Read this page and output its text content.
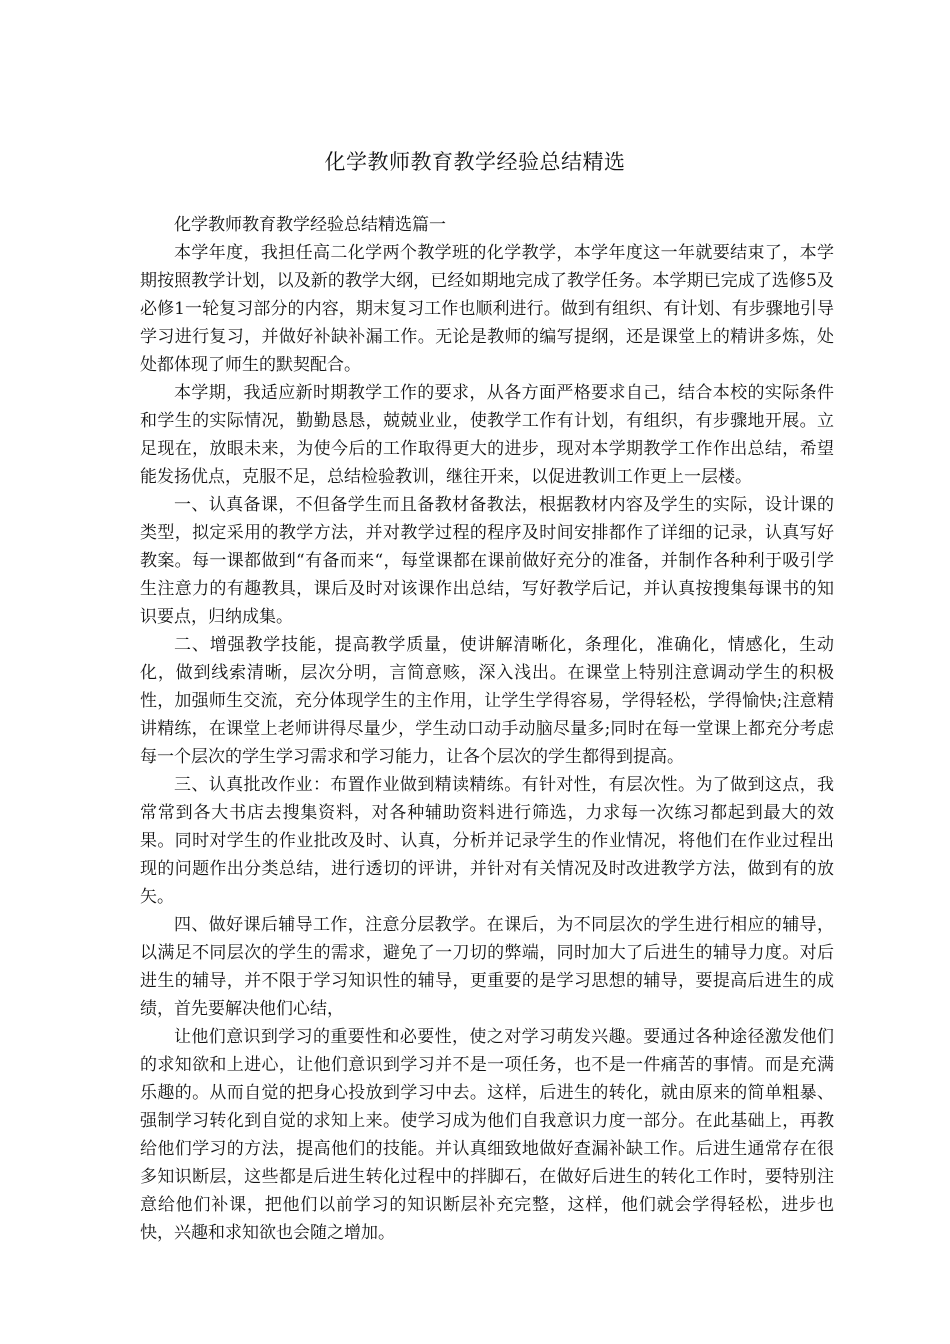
化学教师教育教学经验总结精选

化学教师教育教学经验总结精选篇一

本学年度，我担任高二化学两个教学班的化学教学，本学年度这一年就要结束了，本学期按照教学计划，以及新的教学大纲，已经如期地完成了教学任务。本学期已完成了选修5及必修1一轮复习部分的内容，期末复习工作也顺利进行。做到有组织、有计划、有步骤地引导学习进行复习，并做好补缺补漏工作。无论是教师的编写提纲，还是课堂上的精讲多炼，处处都体现了师生的默契配合。

本学期，我适应新时期教学工作的要求，从各方面严格要求自己，结合本校的实际条件和学生的实际情况，勤勤恳恳，兢兢业业，使教学工作有计划，有组织，有步骤地开展。立足现在，放眼未来，为使今后的工作取得更大的进步，现对本学期教学工作作出总结，希望能发扬优点，克服不足，总结检验教训，继往开来，以促进教训工作更上一层楼。

一、认真备课，不但备学生而且备教材备教法，根据教材内容及学生的实际，设计课的类型，拟定采用的教学方法，并对教学过程的程序及时间安排都作了详细的记录，认真写好教案。每一课都做到“有备而来“，每堂课都在课前做好充分的准备，并制作各种利于吸引学生注意力的有趣教具，课后及时对该课作出总结，写好教学后记，并认真按搜集每课书的知识要点，归纳成集。

二、增强教学技能，提高教学质量，使讲解清晰化，条理化，准确化，情感化，生动化，做到线索清晰，层次分明，言简意赅，深入浅出。在课堂上特别注意调动学生的积极性，加强师生交流，充分体现学生的主作用，让学生学得容易，学得轻松，学得愉快;注意精讲精练，在课堂上老师讲得尽量少，学生动口动手动脑尽量多;同时在每一堂课上都充分考虑每一个层次的学生学习需求和学习能力，让各个层次的学生都得到提高。

三、认真批改作业：布置作业做到精读精练。有针对性，有层次性。为了做到这点，我常常到各大书店去搜集资料，对各种辅助资料进行筛选，力求每一次练习都起到最大的效果。同时对学生的作业批改及时、认真，分析并记录学生的作业情况，将他们在作业过程出现的问题作出分类总结，进行透切的评讲，并针对有关情况及时改进教学方法，做到有的放矢。

四、做好课后辅导工作，注意分层教学。在课后，为不同层次的学生进行相应的辅导，以满足不同层次的学生的需求，避免了一刀切的弊端，同时加大了后进生的辅导力度。对后进生的辅导，并不限于学习知识性的辅导，更重要的是学习思想的辅导，要提高后进生的成绩，首先要解决他们心结，

让他们意识到学习的重要性和必要性，使之对学习萌发兴趣。要通过各种途径激发他们的求知欲和上进心，让他们意识到学习并不是一项任务，也不是一件痛苦的事情。而是充满乐趣的。从而自觉的把身心投放到学习中去。这样，后进生的转化，就由原来的简单粗暴、强制学习转化到自觉的求知上来。使学习成为他们自我意识力度一部分。在此基础上，再教给他们学习的方法，提高他们的技能。并认真细致地做好查漏补缺工作。后进生通常存在很多知识断层，这些都是后进生转化过程中的拌脚石，在做好后进生的转化工作时，要特别注意给他们补课，把他们以前学习的知识断层补充完整，这样，他们就会学得轻松，进步也快，兴趣和求知欲也会随之增加。
